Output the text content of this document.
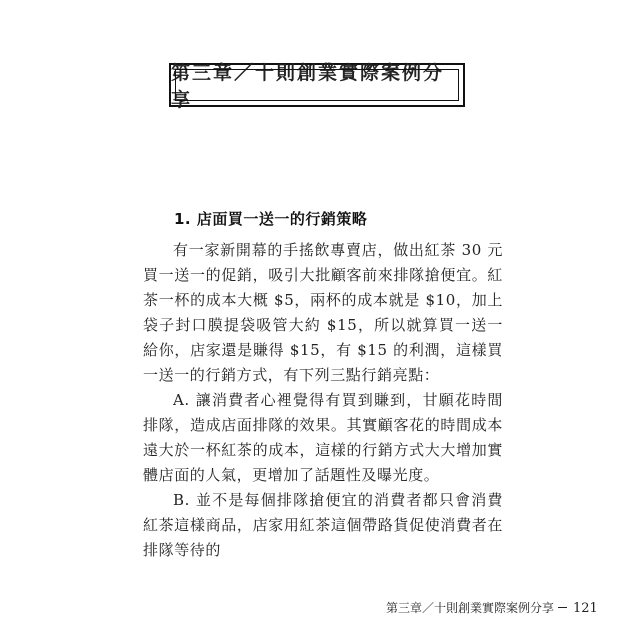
第三章／十則創業實際案例分享
1. 店面買一送一的行銷策略

有一家新開幕的手搖飲專賣店，做出紅茶 30 元買一送一的促銷，吸引大批顧客前來排隊搶便宜。紅茶一杯的成本大概 $5，兩杯的成本就是 $10，加上袋子封口膜提袋吸管大約 $15，所以就算買一送一給你，店家還是賺得 $15，有 $15 的利潤，這樣買一送一的行銷方式，有下列三點行銷亮點：

A. 讓消費者心裡覺得有買到賺到，甘願花時間排隊，造成店面排隊的效果。其實顧客花的時間成本遠大於一杯紅茶的成本，這樣的行銷方式大大增加實體店面的人氣，更增加了話題性及曝光度。

B. 並不是每個排隊搶便宜的消費者都只會消費紅茶這樣商品，店家用紅茶這個帶路貨促使消費者在排隊等待的

第三章／十則創業實際案例分享 121
